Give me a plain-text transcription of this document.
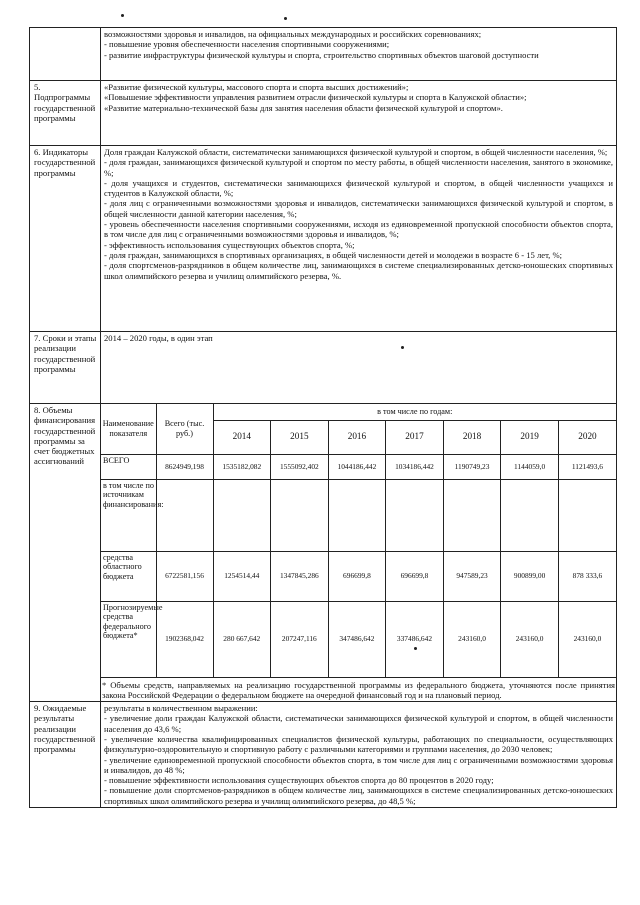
возможностями здоровья и инвалидов, на официальных международных и российских соревнованиях;
- повышение уровня обеспеченности населения спортивными сооружениями;
- развитие инфраструктуры физической культуры и спорта, строительство спортивных объектов шаговой доступности

5. Подпрограммы государственной программы	
«Развитие физической культуры, массового спорта и спорта высших достижений»;
«Повышение эффективности управления развитием отрасли физической культуры и спорта в Калужской области»;
«Развитие материально-технической базы для занятия населения области физической культурой и спортом».

6. Индикаторы государственной программы	
Доля граждан Калужской области, систематически занимающихся физической культурой и спортом, в общей численности населения, %;
- доля граждан, занимающихся физической культурой и спортом по месту работы, в общей численности населения, занятого в экономике, %;
- доля учащихся и студентов, систематически занимающихся физической культурой и спортом, в общей численности учащихся и студентов в Калужской области, %;
- доля лиц с ограниченными возможностями здоровья и инвалидов, систематически занимающихся физической культурой и спортом, в общей численности данной категории населения, %;
- уровень обеспеченности населения спортивными сооружениями, исходя из единовременной пропускной способности объектов спорта, в том числе для лиц с ограниченными возможностями здоровья и инвалидов, %;
- эффективность использования существующих объектов спорта, %;
- доля граждан, занимающихся в спортивных организациях, в общей численности детей и молодежи в возрасте 6 - 15 лет, %;
- доля спортсменов-разрядников в общем количестве лиц, занимающихся в системе специализированных детско-юношеских спортивных школ олимпийского резерва и училищ олимпийского резерва, %.

7. Сроки и этапы реализации государственной программы	2014 – 2020 годы, в один этап
8. Объемы финансирования государственной программы за счет бюджетных ассигнований	
Наименование показателя	Всего (тыс. руб.)	в том числе по годам:
2014	2015	2016	2017	2018	2019	2020
ВСЕГО	8624949,198	1535182,082	1555092,402	1044186,442	1034186,442	1190749,23	1144059,0	1121493,6
в том числе по источникам финансирования:								
средства областного бюджета	6722581,156	1254514,44	1347845,286	696699,8	696699,8	947589,23	900899,00	878 333,6
Прогнозируемые средства федерального бюджета*	1902368,042	280 667,642	207247,116	347486,642	337486,642	243160,0	243160,0	243160,0
* Объемы средств, направляемых на реализацию государственной программы из федерального бюджета, уточняются после принятия закона Российской Федерации о федеральном бюджете на очередной финансовый год и на плановый период.

9. Ожидаемые результаты реализации государственной программы	
результаты в количественном выражении:
- увеличение доли граждан Калужской области, систематически занимающихся физической культурой и спортом, в общей численности населения до 43,6 %;
- увеличение количества квалифицированных специалистов физической культуры, работающих по специальности, осуществляющих физкультурно-оздоровительную и спортивную работу с различными категориями и группами населения, до 2030 человек;
- увеличение единовременной пропускной способности объектов спорта, в том числе для лиц с ограниченными возможностями здоровья и инвалидов, до 48 %;
- повышение эффективности использования существующих объектов спорта до 80 процентов в 2020 году;
- повышение доли спортсменов-разрядников в общем количестве лиц, занимающихся в системе специализированных детско-юношеских спортивных школ олимпийского резерва и училищ олимпийского резерва, до 48,5 %;
